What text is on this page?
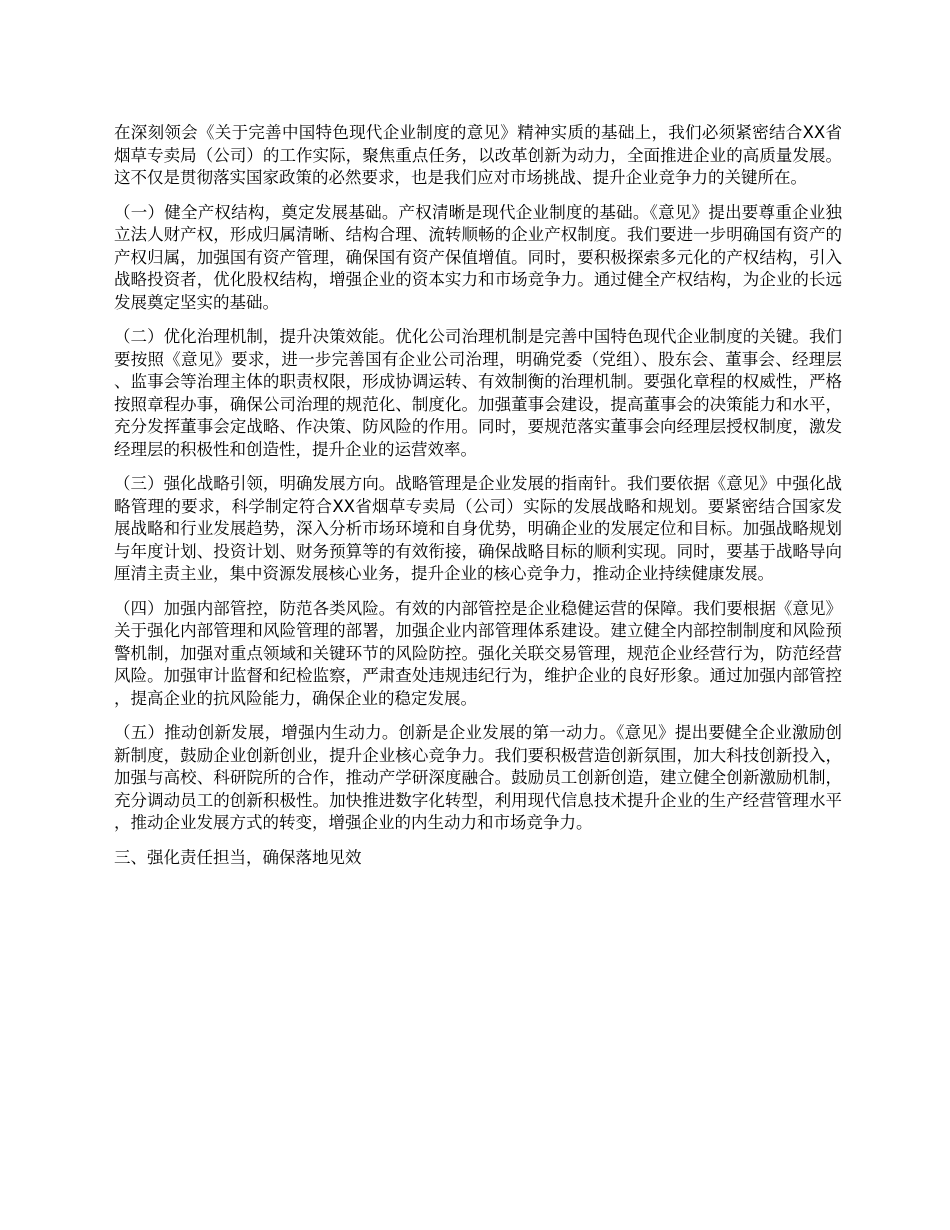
在深刻领会《关于完善中国特色现代企业制度的意见》精神实质的基础上，我们必须紧密结合XX省烟草专卖局（公司）的工作实际，聚焦重点任务，以改革创新为动力，全面推进企业的高质量发展。这不仅是贯彻落实国家政策的必然要求，也是我们应对市场挑战、提升企业竞争力的关键所在。

（一）健全产权结构，奠定发展基础。产权清晰是现代企业制度的基础。《意见》提出要尊重企业独立法人财产权，形成归属清晰、结构合理、流转顺畅的企业产权制度。我们要进一步明确国有资产的产权归属，加强国有资产管理，确保国有资产保值增值。同时，要积极探索多元化的产权结构，引入战略投资者，优化股权结构，增强企业的资本实力和市场竞争力。通过健全产权结构，为企业的长远发展奠定坚实的基础。

（二）优化治理机制，提升决策效能。优化公司治理机制是完善中国特色现代企业制度的关键。我们要按照《意见》要求，进一步完善国有企业公司治理，明确党委（党组）、股东会、董事会、经理层、监事会等治理主体的职责权限，形成协调运转、有效制衡的治理机制。要强化章程的权威性，严格按照章程办事，确保公司治理的规范化、制度化。加强董事会建设，提高董事会的决策能力和水平，充分发挥董事会定战略、作决策、防风险的作用。同时，要规范落实董事会向经理层授权制度，激发经理层的积极性和创造性，提升企业的运营效率。

（三）强化战略引领，明确发展方向。战略管理是企业发展的指南针。我们要依据《意见》中强化战略管理的要求，科学制定符合XX省烟草专卖局（公司）实际的发展战略和规划。要紧密结合国家发展战略和行业发展趋势，深入分析市场环境和自身优势，明确企业的发展定位和目标。加强战略规划与年度计划、投资计划、财务预算等的有效衔接，确保战略目标的顺利实现。同时，要基于战略导向厘清主责主业，集中资源发展核心业务，提升企业的核心竞争力，推动企业持续健康发展。

（四）加强内部管控，防范各类风险。有效的内部管控是企业稳健运营的保障。我们要根据《意见》关于强化内部管理和风险管理的部署，加强企业内部管理体系建设。建立健全内部控制制度和风险预警机制，加强对重点领域和关键环节的风险防控。强化关联交易管理，规范企业经营行为，防范经营风险。加强审计监督和纪检监察，严肃查处违规违纪行为，维护企业的良好形象。通过加强内部管控，提高企业的抗风险能力，确保企业的稳定发展。

（五）推动创新发展，增强内生动力。创新是企业发展的第一动力。《意见》提出要健全企业激励创新制度，鼓励企业创新创业，提升企业核心竞争力。我们要积极营造创新氛围，加大科技创新投入，加强与高校、科研院所的合作，推动产学研深度融合。鼓励员工创新创造，建立健全创新激励机制，充分调动员工的创新积极性。加快推进数字化转型，利用现代信息技术提升企业的生产经营管理水平，推动企业发展方式的转变，增强企业的内生动力和市场竞争力。

三、强化责任担当，确保落地见效
